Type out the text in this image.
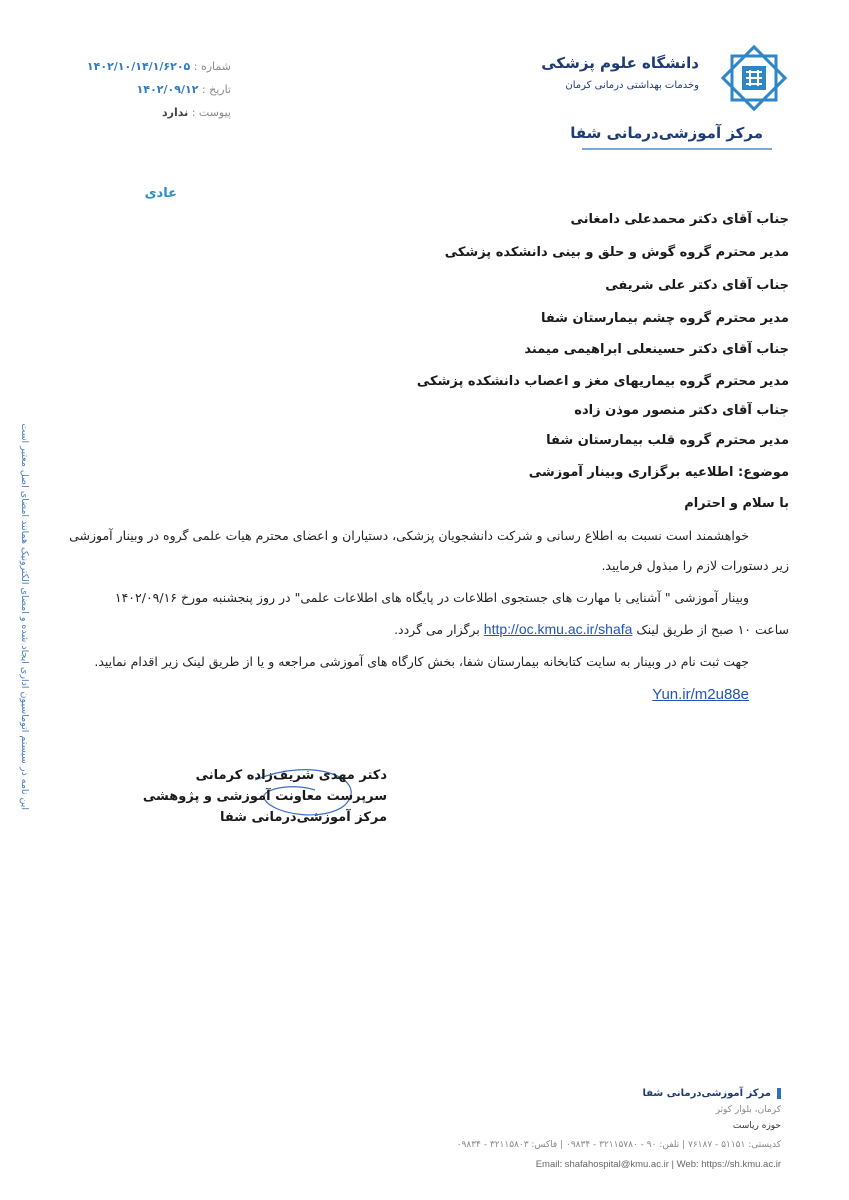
دانشگاه علوم پزشکی
وخدمات بهداشتی درمانی کرمان
مرکز آموزشی‌درمانی شفا
شماره : ۱۴۰۲/۱۰/۱۴/۱/۶۲۰۵
تاریخ : ۱۴۰۲/۰۹/۱۲
پیوست : ندارد
عادی
جناب آقای دکتر محمدعلی دامغانی
مدیر محترم گروه گوش و حلق و بینی دانشکده پزشکی
جناب آقای دکتر علی شریفی
مدیر محترم گروه چشم بیمارستان شفا
جناب آقای دکتر حسینعلی ابراهیمی میمند
مدیر محترم گروه بیماریهای مغز و اعصاب دانشکده پزشکی
جناب آقای دکتر منصور موذن زاده
مدیر محترم گروه قلب بیمارستان شفا
موضوع: اطلاعیه برگزاری وبینار آموزشی
با سلام و احترام
خواهشمند است نسبت به اطلاع رسانی و شرکت دانشجویان پزشکی، دستیاران و اعضای محترم هیات علمی گروه در وبینار آموزشی
زیر دستورات لازم را مبذول فرمایید.
وبینار آموزشی " آشنایی با مهارت های جستجوی اطلاعات در پایگاه های اطلاعات علمی" در روز پنجشنبه مورخ ۱۴۰۲/۰۹/۱۶
ساعت ۱۰ صبح از طریق لینک http://oc.kmu.ac.ir/shafa برگزار می گردد.
جهت ثبت نام در وبینار به سایت کتابخانه بیمارستان شفا، بخش کارگاه های آموزشی مراجعه و یا از طریق لینک زیر اقدام نمایید.
Yun.ir/m2u88e
دکتر مهدی شریف‌زاده کرمانی
سرپرست معاونت آموزشی و پژوهشی
مرکز آموزشی‌درمانی شفا
این نامه در سیستم اتوماسیون اداری ایجاد شده و امضای الکترونیک همانند امضای اصل معتبر است
مرکز آموزشی‌درمانی شفا
کرمان، بلوار کوثر
حوزه ریاست
کدپستی: ۵۱۱۵۱ - ۷۶۱۸۷ | تلفن: ۹۰ - ۳۲۱۱۵۷۸۰ - ۰۹۸۳۴ | فاکس: ۳۲۱۱۵۸۰۳ - ۰۹۸۳۴
Email: shafahospital@kmu.ac.ir | Web: https://sh.kmu.ac.ir
